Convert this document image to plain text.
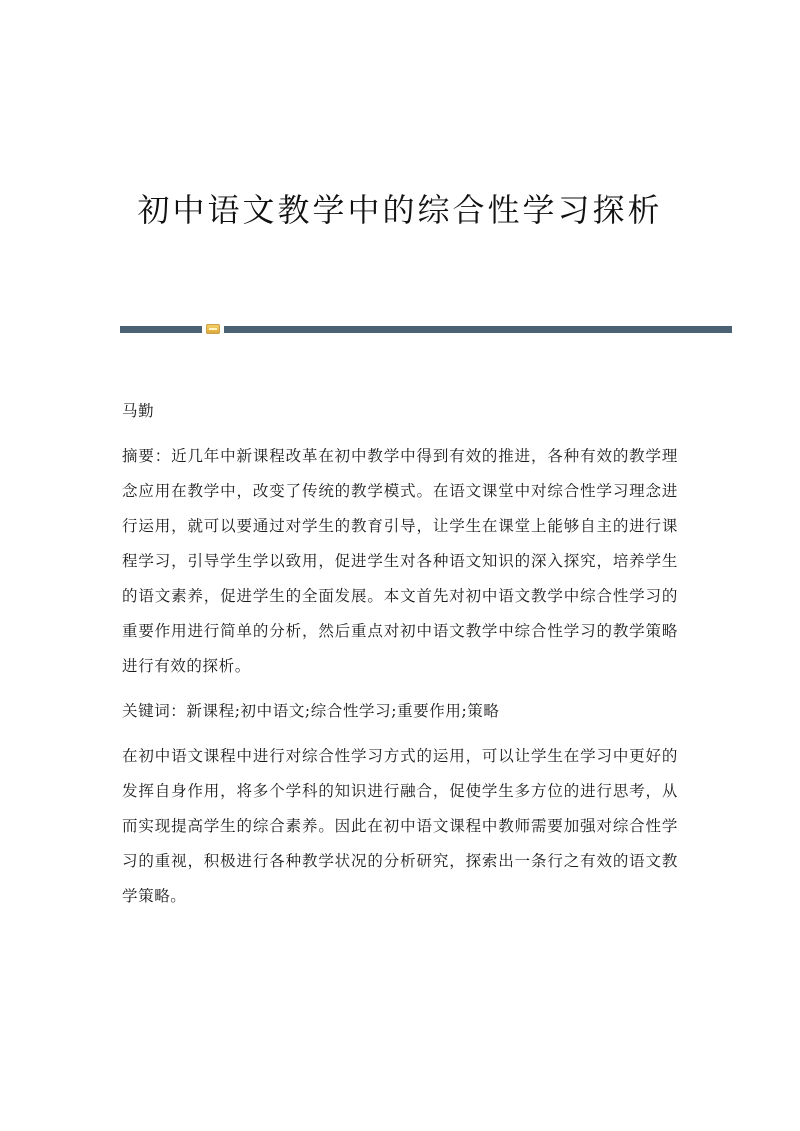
初中语文教学中的综合性学习探析

马勤

摘要：近几年中新课程改革在初中教学中得到有效的推进，各种有效的教学理念应用在教学中，改变了传统的教学模式。在语文课堂中对综合性学习理念进行运用，就可以要通过对学生的教育引导，让学生在课堂上能够自主的进行课程学习，引导学生学以致用，促进学生对各种语文知识的深入探究，培养学生的语文素养，促进学生的全面发展。本文首先对初中语文教学中综合性学习的重要作用进行简单的分析，然后重点对初中语文教学中综合性学习的教学策略进行有效的探析。

关键词：新课程;初中语文;综合性学习;重要作用;策略

在初中语文课程中进行对综合性学习方式的运用，可以让学生在学习中更好的发挥自身作用，将多个学科的知识进行融合，促使学生多方位的进行思考，从而实现提高学生的综合素养。因此在初中语文课程中教师需要加强对综合性学习的重视，积极进行各种教学状况的分析研究，探索出一条行之有效的语文教学策略。
